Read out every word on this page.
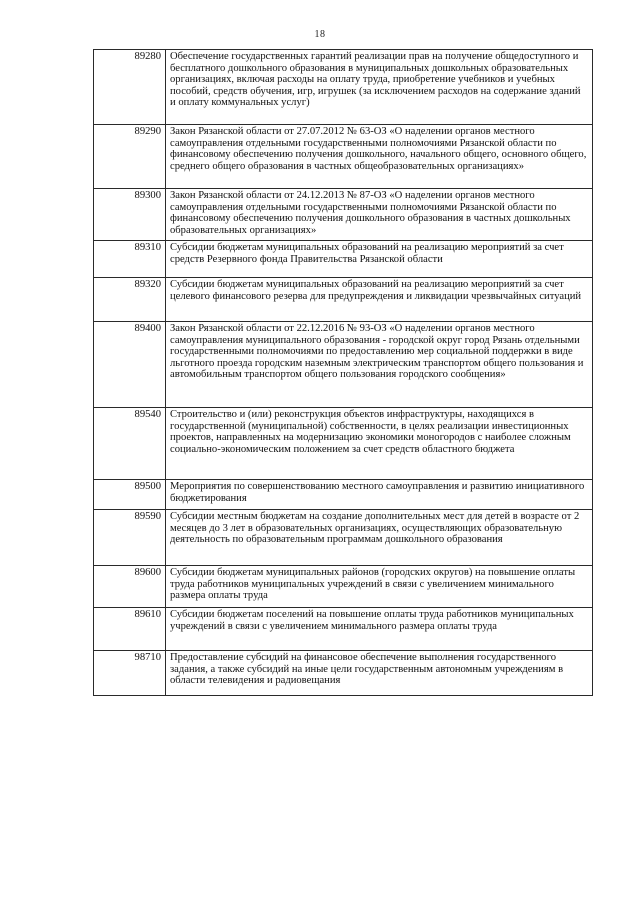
18
89280	Обеспечение государственных гарантий реализации прав на получение общедоступного и бесплатного дошкольного образования в муниципальных дошкольных образовательных организациях, включая расходы на оплату труда, приобретение учебников и учебных пособий, средств обучения, игр, игрушек (за исключением расходов на содержание зданий и оплату коммунальных услуг)
89290	Закон Рязанской области от 27.07.2012 № 63-ОЗ «О наделении органов местного самоуправления отдельными государственными полномочиями Рязанской области по финансовому обеспечению получения дошкольного, начального общего, основного общего, среднего общего образования в частных общеобразовательных организациях»
89300	Закон Рязанской области от 24.12.2013 № 87-ОЗ «О наделении органов местного самоуправления отдельными государственными полномочиями Рязанской области по финансовому обеспечению получения дошкольного образования в частных дошкольных образовательных организациях»
89310	Субсидии бюджетам муниципальных образований на реализацию мероприятий за счет средств Резервного фонда Правительства Рязанской области
89320	Субсидии бюджетам муниципальных образований на реализацию мероприятий за счет целевого финансового резерва для предупреждения и ликвидации чрезвычайных ситуаций
89400	Закон Рязанской области от 22.12.2016 № 93-ОЗ «О наделении органов местного самоуправления муниципального образования - городской округ город Рязань отдельными государственными полномочиями по предоставлению мер социальной поддержки в виде льготного проезда городским наземным электрическим транспортом общего пользования и автомобильным транспортом общего пользования городского сообщения»
89540	Строительство и (или) реконструкция объектов инфраструктуры, находящихся в государственной (муниципальной) собственности, в целях реализации инвестиционных проектов, направленных на модернизацию экономики моногородов с наиболее сложным социально-экономическим положением за счет средств областного бюджета
89500	Мероприятия по совершенствованию местного самоуправления и развитию инициативного бюджетирования
89590	Субсидии местным бюджетам на создание дополнительных мест для детей в возрасте от 2 месяцев до 3 лет в образовательных организациях, осуществляющих образовательную деятельность по образовательным программам дошкольного образования
89600	Субсидии бюджетам муниципальных районов (городских округов) на повышение оплаты труда работников муниципальных учреждений в связи с увеличением минимального размера оплаты труда
89610	Субсидии бюджетам поселений на повышение оплаты труда работников муниципальных учреждений в связи с увеличением минимального размера оплаты труда
98710	Предоставление субсидий на финансовое обеспечение выполнения государственного задания, а также субсидий на иные цели государственным автономным учреждениям в области телевидения и радиовещания
